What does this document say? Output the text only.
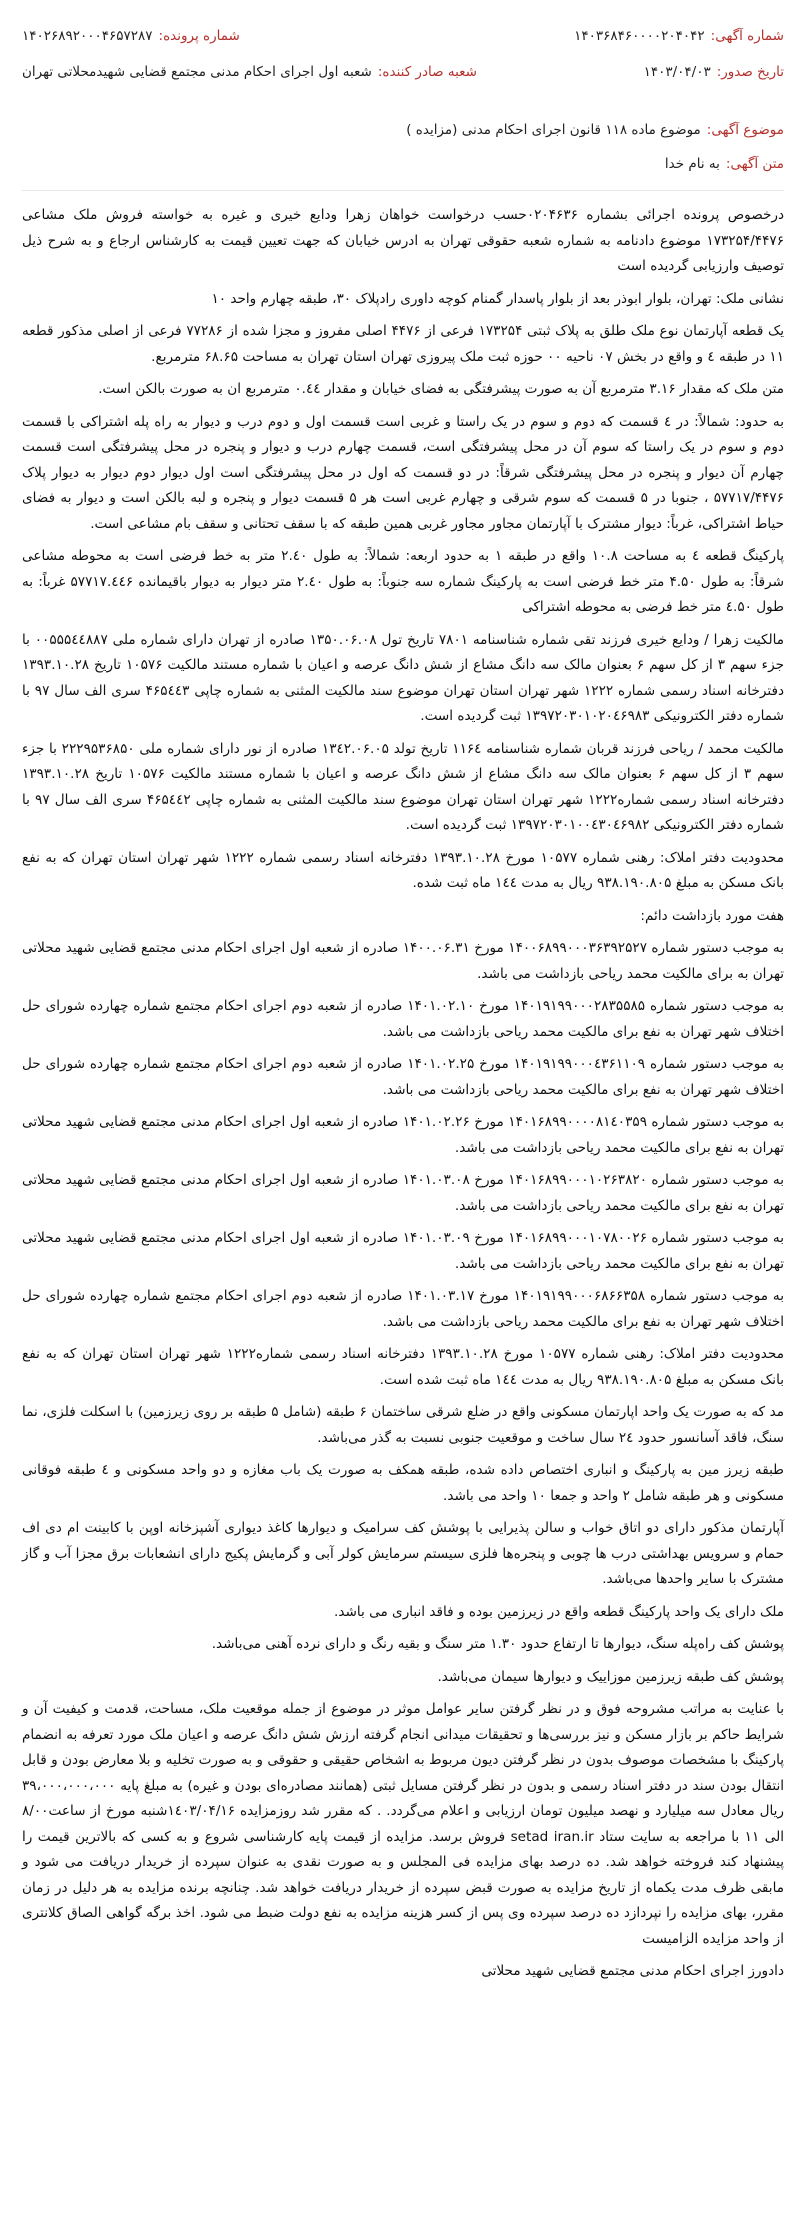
شماره آگهی:
۱۴۰۳۶۸۴۶۰۰۰۰۲۰۴۰۴۲
شماره پرونده:
۱۴۰۲۶۸۹۲۰۰۰۴۶۵۷۲۸۷
تاریخ صدور:
۱۴۰۳/۰۴/۰۳
شعبه صادر کننده:
شعبه اول اجرای احکام مدنی مجتمع قضایی شهیدمحلاتی تهران
موضوع آگهی:
موضوع ماده ۱۱۸ قانون اجرای احکام مدنی (مزایده )
متن آگهی:
به نام خدا

درخصوص پرونده اجرائی بشماره ۰۲۰۴۶۳۶حسب درخواست خواهان زهرا ودایع خیری و غیره به خواسته فروش ملک مشاعی ۱۷۳۲۵۴/۴۴۷۶ موضوع دادنامه به شماره شعبه حقوقی تهران به ادرس خیابان که جهت تعیین قیمت به کارشناس ارجاع و به شرح ذیل توصیف وارزیابی گردیده است

نشانی ملک: تهران، بلوار ابوذر بعد از بلوار پاسدار گمنام کوچه داوری رادپلاک ۳۰، طبقه چهارم واحد ۱۰

یک قطعه آپارتمان نوع ملک طلق به پلاک ثبتی ۱۷۳۲۵۴ فرعی از ۴۴۷۶ اصلی مفروز و مجزا شده از ۷۷۲۸۶ فرعی از اصلی مذکور قطعه ۱۱ در طبقه ٤ و واقع در بخش ۰۷ ناحیه ۰۰ حوزه ثبت ملک پیروزی تهران استان تهران به مساحت ۶۸.۶۵ مترمربع.

متن ملک که مقدار ۳.۱۶ مترمربع آن به صورت پیشرفتگی به فضای خیابان و مقدار ۰.٤٤ مترمربع ان به صورت بالکن است.

به حدود: شمالاً: در ٤ قسمت که دوم و سوم در یک راستا و غربی است قسمت اول و دوم درب و دیوار به راه پله اشتراکی با قسمت دوم و سوم در یک راستا که سوم آن در محل پیشرفتگی است، قسمت چهارم درب و دیوار و پنجره در محل پیشرفتگی است قسمت چهارم آن دیوار و پنجره در محل پیشرفتگی شرقاً: در دو قسمت که اول در محل پیشرفتگی است اول دیوار دوم دیوار به دیوار پلاک ۵۷۷۱۷/۴۴۷۶ ، جنوبا در ۵ قسمت که سوم شرقی و چهارم غربی است هر ۵ قسمت دیوار و پنجره و لبه بالکن است و دیوار به فضای حیاط اشتراکی، غرباً: دیوار مشترک با آپارتمان مجاور مجاور غربی همین طبقه که با سقف تحتانی و سقف بام مشاعی است.

پارکینگ قطعه ٤ به مساحت ۱۰.۸ واقع در طبقه ۱ به حدود اربعه: شمالاً: به طول ۲.٤۰ متر به خط فرضی است به محوطه مشاعی شرقاً: به طول ۴.۵۰ متر خط فرضی است به پارکینگ شماره سه جنوباً: به طول ۲.٤۰ متر دیوار به دیوار باقیمانده ۵۷۷۱۷.٤٤۶ غرباً: به طول ٤.۵۰ متر خط فرضی به محوطه اشتراکی

مالکیت زهرا / ودایع خیری فرزند تقی شماره شناسنامه ۷۸۰۱ تاریخ تول ۱۳۵۰.۰۶.۰۸ صادره از تهران دارای شماره ملی ۰۰۵۵۵٤٤۸۸۷ با جزء سهم ۳ از کل سهم ۶ بعنوان مالک سه دانگ مشاع از شش دانگ عرصه و اعیان با شماره مستند مالکیت ۱۰۵۷۶ تاریخ ۱۳۹۳.۱۰.۲۸ دفترخانه اسناد رسمی شماره ۱۲۲۲ شهر تهران استان تهران موضوع سند مالکیت المثنی به شماره چاپی ۴۶۵٤٤۳ سری الف سال ۹۷ با شماره دفتر الکترونیکی ۱۳۹۷۲۰۳۰۱۰۲۰٤۶۹۸۳ ثبت گردیده است.

مالکیت محمد / ریاحی فرزند قربان شماره شناسنامه ۱۱۶٤ تاریخ تولد ۱۳٤۲.۰۶.۰۵ صادره از نور دارای شماره ملی ۲۲۲۹۵۳۶۸۵۰ با جزء سهم ۳ از کل سهم ۶ بعنوان مالک سه دانگ مشاع از شش دانگ عرصه و اعیان با شماره مستند مالکیت ۱۰۵۷۶ تاریخ ۱۳۹۳.۱۰.۲۸ دفترخانه اسناد رسمی شماره۱۲۲۲ شهر تهران استان تهران موضوع سند مالکیت المثنی به شماره چاپی ۴۶۵٤٤۲ سری الف سال ۹۷ با شماره دفتر الکترونیکی ۱۳۹۷۲۰۳۰۱۰۰٤۳۰٤۶۹۸۲ ثبت گردیده است.

محدودیت دفتر املاک: رهنی شماره ۱۰۵۷۷ مورخ ۱۳۹۳.۱۰.۲۸ دفترخانه اسناد رسمی شماره ۱۲۲۲ شهر تهران استان تهران که به نفع بانک مسکن به مبلغ ۹۳۸.۱۹۰.۸۰۵ ریال به مدت ۱٤٤ ماه ثبت شده.

هفت مورد بازداشت دائم:

به موجب دستور شماره ۱۴۰۰۶۸۹۹۰۰۰۳۶۳۹۲۵۲۷ مورخ ۱۴۰۰.۰۶.۳۱ صادره از شعبه اول اجرای احکام مدنی مجتمع قضایی شهید محلاتی تهران به برای مالکیت محمد ریاحی بازداشت می باشد.

به موجب دستور شماره ۱۴۰۱۹۱۹۹۰۰۰۲۸۳۵۵۸۵ مورخ ۱۴۰۱.۰۲.۱۰ صادره از شعبه دوم اجرای احکام مجتمع شماره چهارده شورای حل اختلاف شهر تهران به نفع برای مالکیت محمد ریاحی بازداشت می باشد.

به موجب دستور شماره ۱۴۰۱۹۱۹۹۰۰۰٤۳۶۱۱۰۹ مورخ ۱۴۰۱.۰۲.۲۵ صادره از شعبه دوم اجرای احکام مجتمع شماره چهارده شورای حل اختلاف شهر تهران به نفع برای مالکیت محمد ریاحی بازداشت می باشد.

به موجب دستور شماره ۱۴۰۱۶۸۹۹۰۰۰۰۸۱٤۰۳۵۹ مورخ ۱۴۰۱.۰۲.۲۶ صادره از شعبه اول اجرای احکام مدنی مجتمع قضایی شهید محلاتی تهران به نفع برای مالکیت محمد ریاحی بازداشت می باشد.

به موجب دستور شماره ۱۴۰۱۶۸۹۹۰۰۰۱۰۲۶۳۸۲۰ مورخ ۱۴۰۱.۰۳.۰۸ صادره از شعبه اول اجرای احکام مدنی مجتمع قضایی شهید محلاتی تهران به نفع برای مالکیت محمد ریاحی بازداشت می باشد.

به موجب دستور شماره ۱۴۰۱۶۸۹۹۰۰۰۱۰۷۸۰۰۲۶ مورخ ۱۴۰۱.۰۳.۰۹ صادره از شعبه اول اجرای احکام مدنی مجتمع قضایی شهید محلاتی تهران به نفع برای مالکیت محمد ریاحی بازداشت می باشد.

به موجب دستور شماره ۱۴۰۱۹۱۹۹۰۰۰۶۸۶۶۳۵۸ مورخ ۱۴۰۱.۰۳.۱۷ صادره از شعبه دوم اجرای احکام مجتمع شماره چهارده شورای حل اختلاف شهر تهران به نفع برای مالکیت محمد ریاحی بازداشت می باشد.

محدودیت دفتر املاک: رهنی شماره ۱۰۵۷۷ مورخ ۱۳۹۳.۱۰.۲۸ دفترخانه اسناد رسمی شماره۱۲۲۲ شهر تهران استان تهران که به نفع بانک مسکن به مبلغ ۹۳۸.۱۹۰.۸۰۵ ریال به مدت ۱٤٤ ماه ثبت شده است.

مد که به صورت یک واحد اپارتمان مسکونی واقع در ضلع شرقی ساختمان ۶ طبقه (شامل ۵ طبقه بر روی زیرزمین) با اسکلت فلزی، نما سنگ، فاقد آسانسور حدود ۲٤ سال ساخت و موقعیت جنوبی نسبت به گذر می‌باشد.

طبقه زیرز مین به پارکینگ و انباری اختصاص داده شده، طبقه همکف به صورت یک باب مغازه و دو واحد مسکونی و ٤ طبقه فوقانی مسکونی و هر طبقه شامل ۲ واحد و جمعا ۱۰ واحد می باشد.

آپارتمان مذکور دارای دو اتاق خواب و سالن پذیرایی با پوشش کف سرامیک و دیوارها کاغذ دیواری آشپزخانه اوپن با کابینت ام دی اف حمام و سرویس بهداشتی درب ها چوبی و پنجره‌ها فلزی سیستم سرمایش کولر آبی و گرمایش پکیج دارای انشعابات برق مجزا آب و گاز مشترک با سایر واحدها می‌باشد.

ملک دارای یک واحد پارکینگ قطعه واقع در زیرزمین بوده و فاقد انباری می باشد.

پوشش کف راه‌پله سنگ، دیوارها تا ارتفاع حدود ۱.۳۰ متر سنگ و بقیه رنگ و دارای نرده آهنی می‌باشد.

پوشش کف طبقه زیرزمین موزاییک و دیوارها سیمان می‌باشد.

با عنایت به مراتب مشروحه فوق و در نظر گرفتن سایر عوامل موثر در موضوع از جمله موقعیت ملک، مساحت، قدمت و کیفیت آن و شرایط حاکم بر بازار مسکن و نیز بررسی‌ها و تحقیقات میدانی انجام گرفته ارزش شش دانگ عرصه و اعیان ملک مورد تعرفه به انضمام پارکینگ با مشخصات موصوف بدون در نظر گرفتن دیون مربوط به اشخاص حقیقی و حقوقی و به صورت تخلیه و بلا معارض بودن و قابل انتقال بودن سند در دفتر اسناد رسمی و بدون در نظر گرفتن مسایل ثبتی (همانند مصادره‌ای بودن و غیره) به مبلغ پایه ۳۹،۰۰۰،۰۰۰،۰۰۰ ریال معادل سه میلیارد و نهصد میلیون تومان ارزیابی و اعلام می‌گردد. . که مقرر شد روزمزایده ۱٤۰۳/۰۴/۱۶شنبه مورخ از ساعت۸/۰۰ الی ۱۱ با مراجعه به سایت ستاد setad iran.ir فروش برسد. مزایده از قیمت پایه کارشناسی شروع و به کسی که بالاترین قیمت را پیشنهاد کند فروخته خواهد شد. ده درصد بهای مزایده فی المجلس و به صورت نقدی به عنوان سپرده از خریدار دریافت می شود و مابقی ظرف مدت یکماه از تاریخ مزایده به صورت قبض سپرده از خریدار دریافت خواهد شد. چنانچه برنده مزایده به هر دلیل در زمان مقرر، بهای مزایده را نپردازد ده درصد سپرده وی پس از کسر هزینه مزایده به نفع دولت ضبط می شود. اخذ برگه گواهی الصاق کلانتری از واحد مزایده الزامیست

دادورز اجرای احکام مدنی مجتمع قضایی شهید محلاتی
